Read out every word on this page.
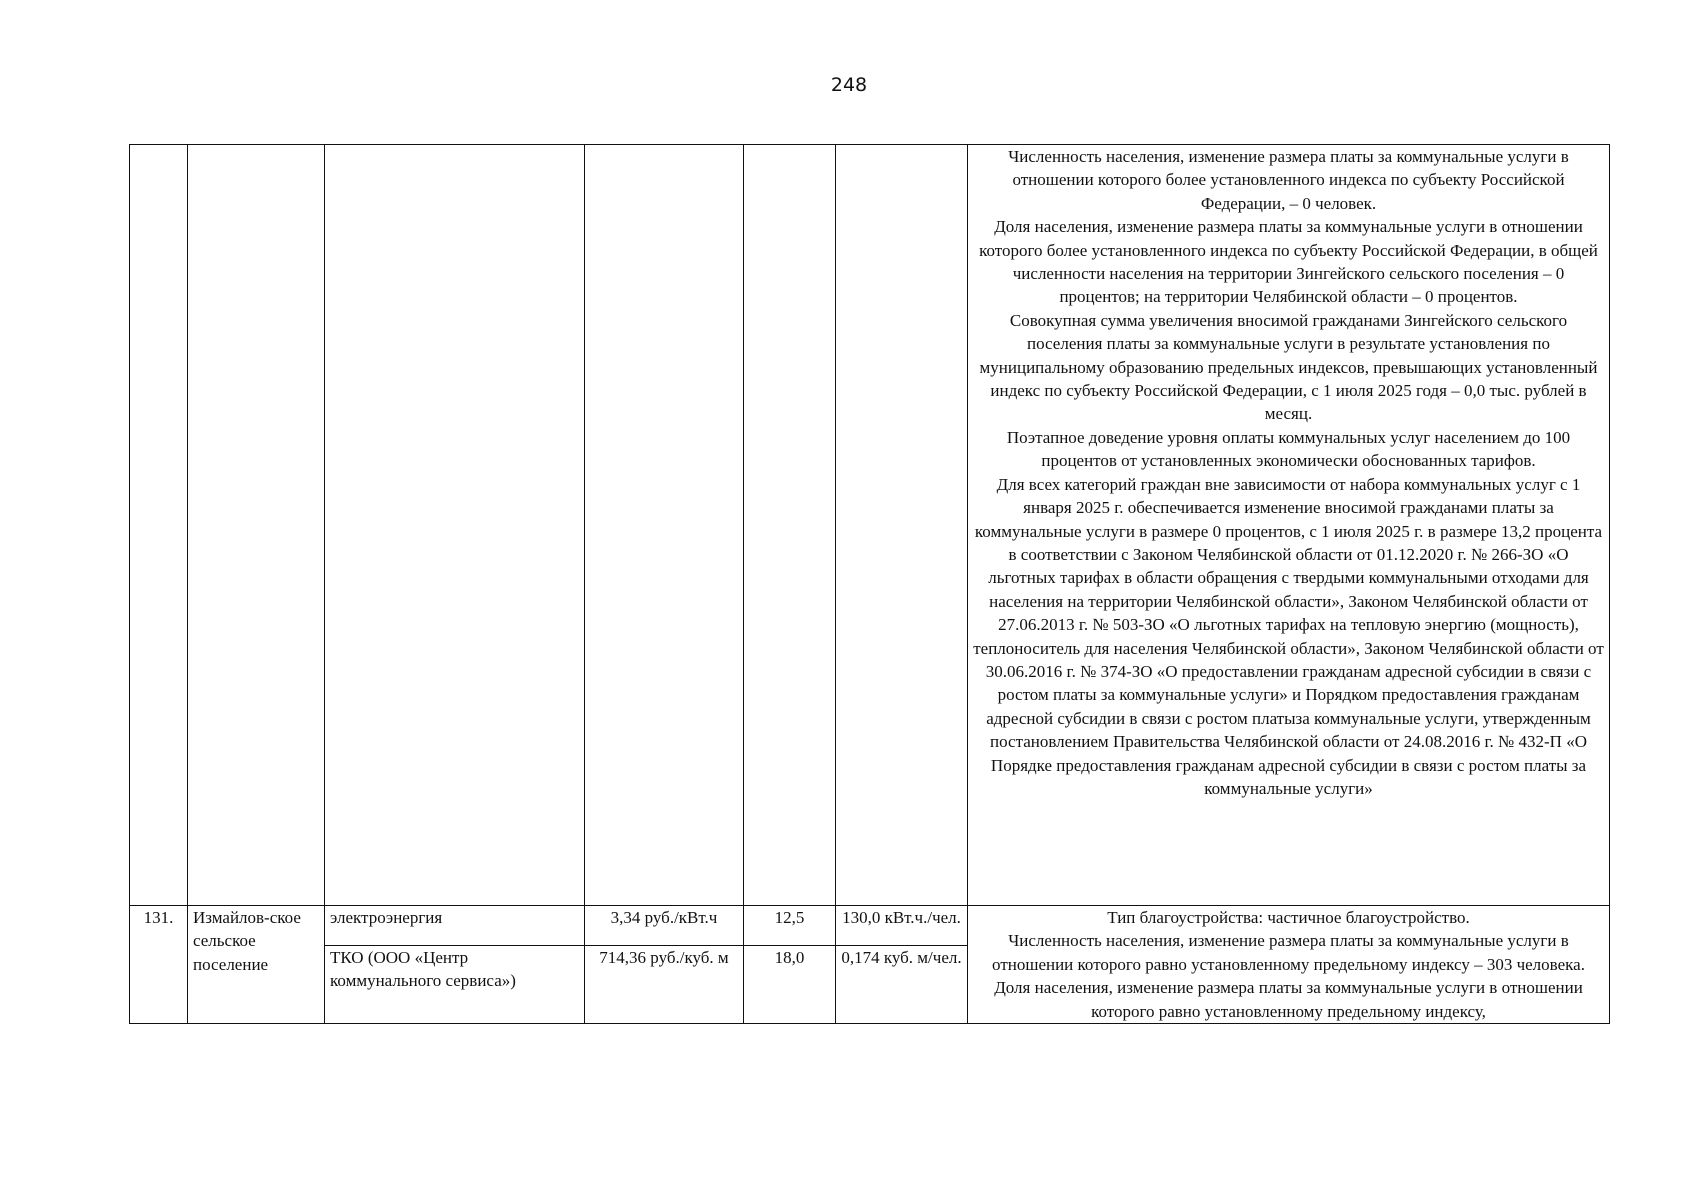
248

						Численность населения, изменение размера платы за коммунальные услуги в отношении которого более установленного индекса по субъекту Российской Федерации, – 0 человек.
Доля населения, изменение размера платы за коммунальные услуги в отношении которого более установленного индекса по субъекту Российской Федерации, в общей численности населения на территории Зингейского сельского поселения – 0 процентов; на территории Челябинской области – 0 процентов.
Совокупная сумма увеличения вносимой гражданами Зингейского сельского поселения платы за коммунальные услуги в результате установления по муниципальному образованию предельных индексов, превышающих установленный индекс по субъекту Российской Федерации, с 1 июля 2025 годя – 0,0 тыс. рублей в месяц.
Поэтапное доведение уровня оплаты коммунальных услуг населением до 100 процентов от установленных экономически обоснованных тарифов.
Для всех категорий граждан вне зависимости от набора коммунальных услуг с 1 января 2025 г. обеспечивается изменение вносимой гражданами платы за коммунальные услуги в размере 0 процентов, с 1 июля 2025 г. в размере 13,2 процента в соответствии с Законом Челябинской области от 01.12.2020 г. № 266-ЗО «О льготных тарифах в области обращения с твердыми коммунальными отходами для населения на территории Челябинской области», Законом Челябинской области от 27.06.2013 г. № 503-ЗО «О льготных тарифах на тепловую энергию (мощность), теплоноситель для населения Челябинской области», Законом Челябинской области от 30.06.2016 г. № 374-ЗО «О предоставлении гражданам адресной субсидии в связи с ростом платы за коммунальные услуги» и Порядком предоставления гражданам адресной субсидии в связи с ростом платыза коммунальные услуги, утвержденным постановлением Правительства Челябинской области от 24.08.2016 г. № 432-П «О Порядке предоставления гражданам адресной субсидии в связи с ростом платы за коммунальные услуги»

131.	Измайлов-ское сельское поселение	электроэнергия	3,34 руб./кВт.ч	12,5	130,0 кВт.ч./чел.	Тип благоустройства: частичное благоустройство.
Численность населения, изменение размера платы за коммунальные услуги в отношении которого равно установленному предельному индексу – 303 человека.
Доля населения, изменение размера платы за коммунальные услуги в отношении которого равно установленному предельному индексу,

		ТКО (ООО «Центр коммунального сервиса»)	714,36 руб./куб. м	18,0	0,174 куб. м/чел.	
